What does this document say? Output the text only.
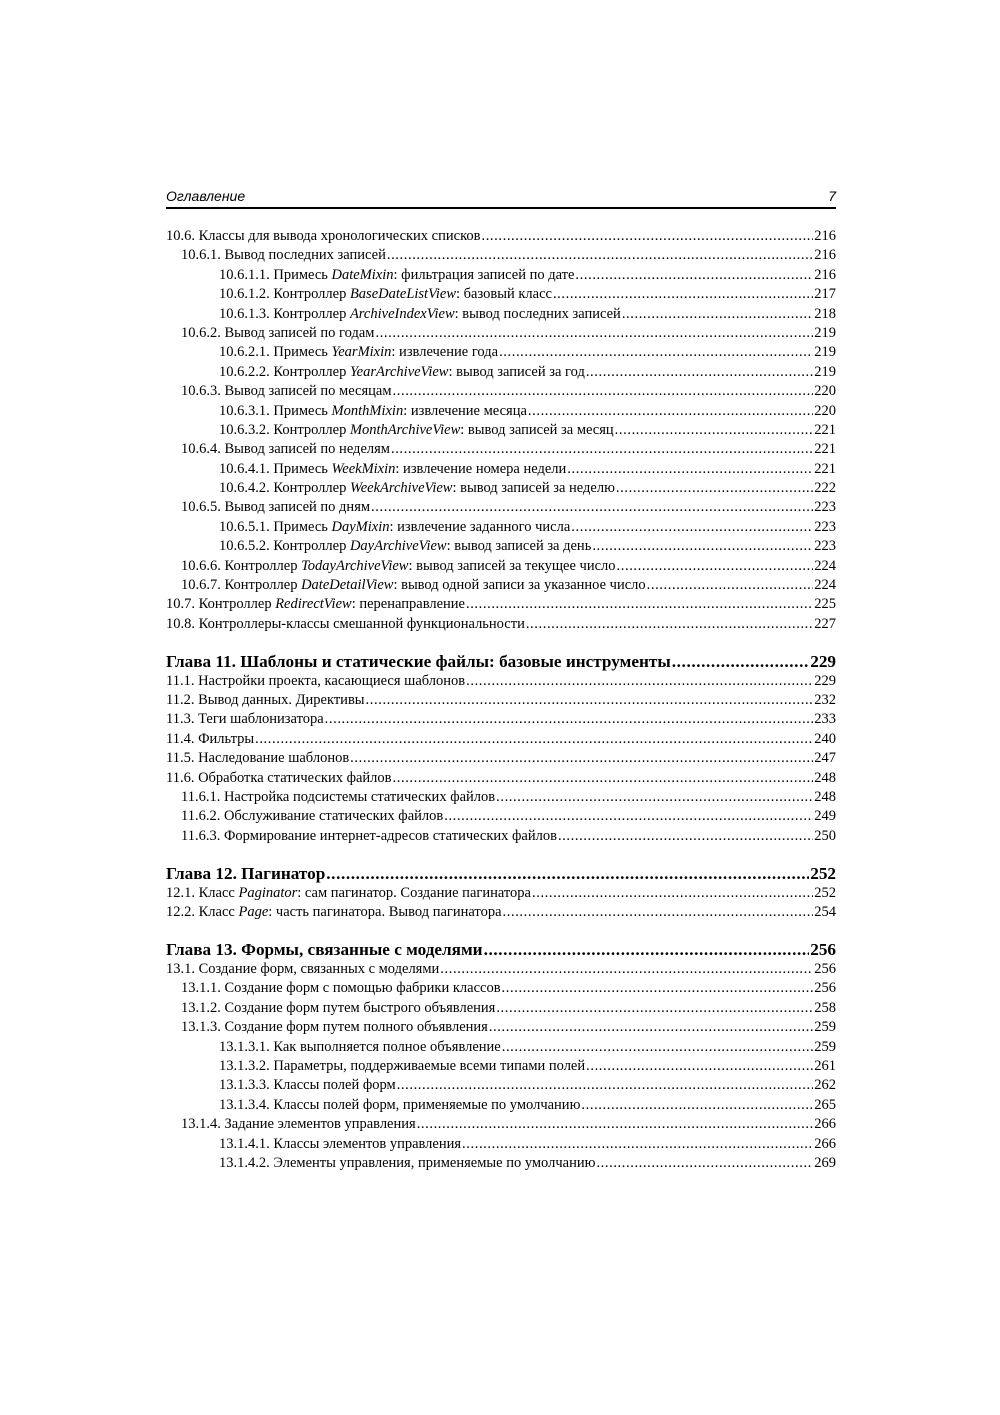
Оглавление	7
10.6. Классы для вывода хронологических списков .....	216
10.6.1. Вывод последних записей .....	216
10.6.1.1. Примесь DateMixin: фильтрация записей по дате .....	216
10.6.1.2. Контроллер BaseDateListView: базовый класс .....	217
10.6.1.3. Контроллер ArchiveIndexView: вывод последних записей .....	218
10.6.2. Вывод записей по годам .....	219
10.6.2.1. Примесь YearMixin: извлечение года .....	219
10.6.2.2. Контроллер YearArchiveView: вывод записей за год .....	219
10.6.3. Вывод записей по месяцам .....	220
10.6.3.1. Примесь MonthMixin: извлечение месяца .....	220
10.6.3.2. Контроллер MonthArchiveView: вывод записей за месяц .....	221
10.6.4. Вывод записей по неделям .....	221
10.6.4.1. Примесь WeekMixin: извлечение номера недели .....	221
10.6.4.2. Контроллер WeekArchiveView: вывод записей за неделю .....	222
10.6.5. Вывод записей по дням .....	223
10.6.5.1. Примесь DayMixin: извлечение заданного числа .....	223
10.6.5.2. Контроллер DayArchiveView: вывод записей за день .....	223
10.6.6. Контроллер TodayArchiveView: вывод записей за текущее число .....	224
10.6.7. Контроллер DateDetailView: вывод одной записи за указанное число .....	224
10.7. Контроллер RedirectView: перенаправление .....	225
10.8. Контроллеры-классы смешанной функциональности .....	227
Глава 11. Шаблоны и статические файлы: базовые инструменты .....	229
11.1. Настройки проекта, касающиеся шаблонов .....	229
11.2. Вывод данных. Директивы .....	232
11.3. Теги шаблонизатора .....	233
11.4. Фильтры .....	240
11.5. Наследование шаблонов .....	247
11.6. Обработка статических файлов .....	248
11.6.1. Настройка подсистемы статических файлов .....	248
11.6.2. Обслуживание статических файлов .....	249
11.6.3. Формирование интернет-адресов статических файлов .....	250
Глава 12. Пагинатор .....	252
12.1. Класс Paginator: сам пагинатор. Создание пагинатора .....	252
12.2. Класс Page: часть пагинатора. Вывод пагинатора .....	254
Глава 13. Формы, связанные с моделями .....	256
13.1. Создание форм, связанных с моделями .....	256
13.1.1. Создание форм с помощью фабрики классов .....	256
13.1.2. Создание форм путем быстрого объявления .....	258
13.1.3. Создание форм путем полного объявления .....	259
13.1.3.1. Как выполняется полное объявление .....	259
13.1.3.2. Параметры, поддерживаемые всеми типами полей .....	261
13.1.3.3. Классы полей форм .....	262
13.1.3.4. Классы полей форм, применяемые по умолчанию .....	265
13.1.4. Задание элементов управления .....	266
13.1.4.1. Классы элементов управления .....	266
13.1.4.2. Элементы управления, применяемые по умолчанию .....	269
